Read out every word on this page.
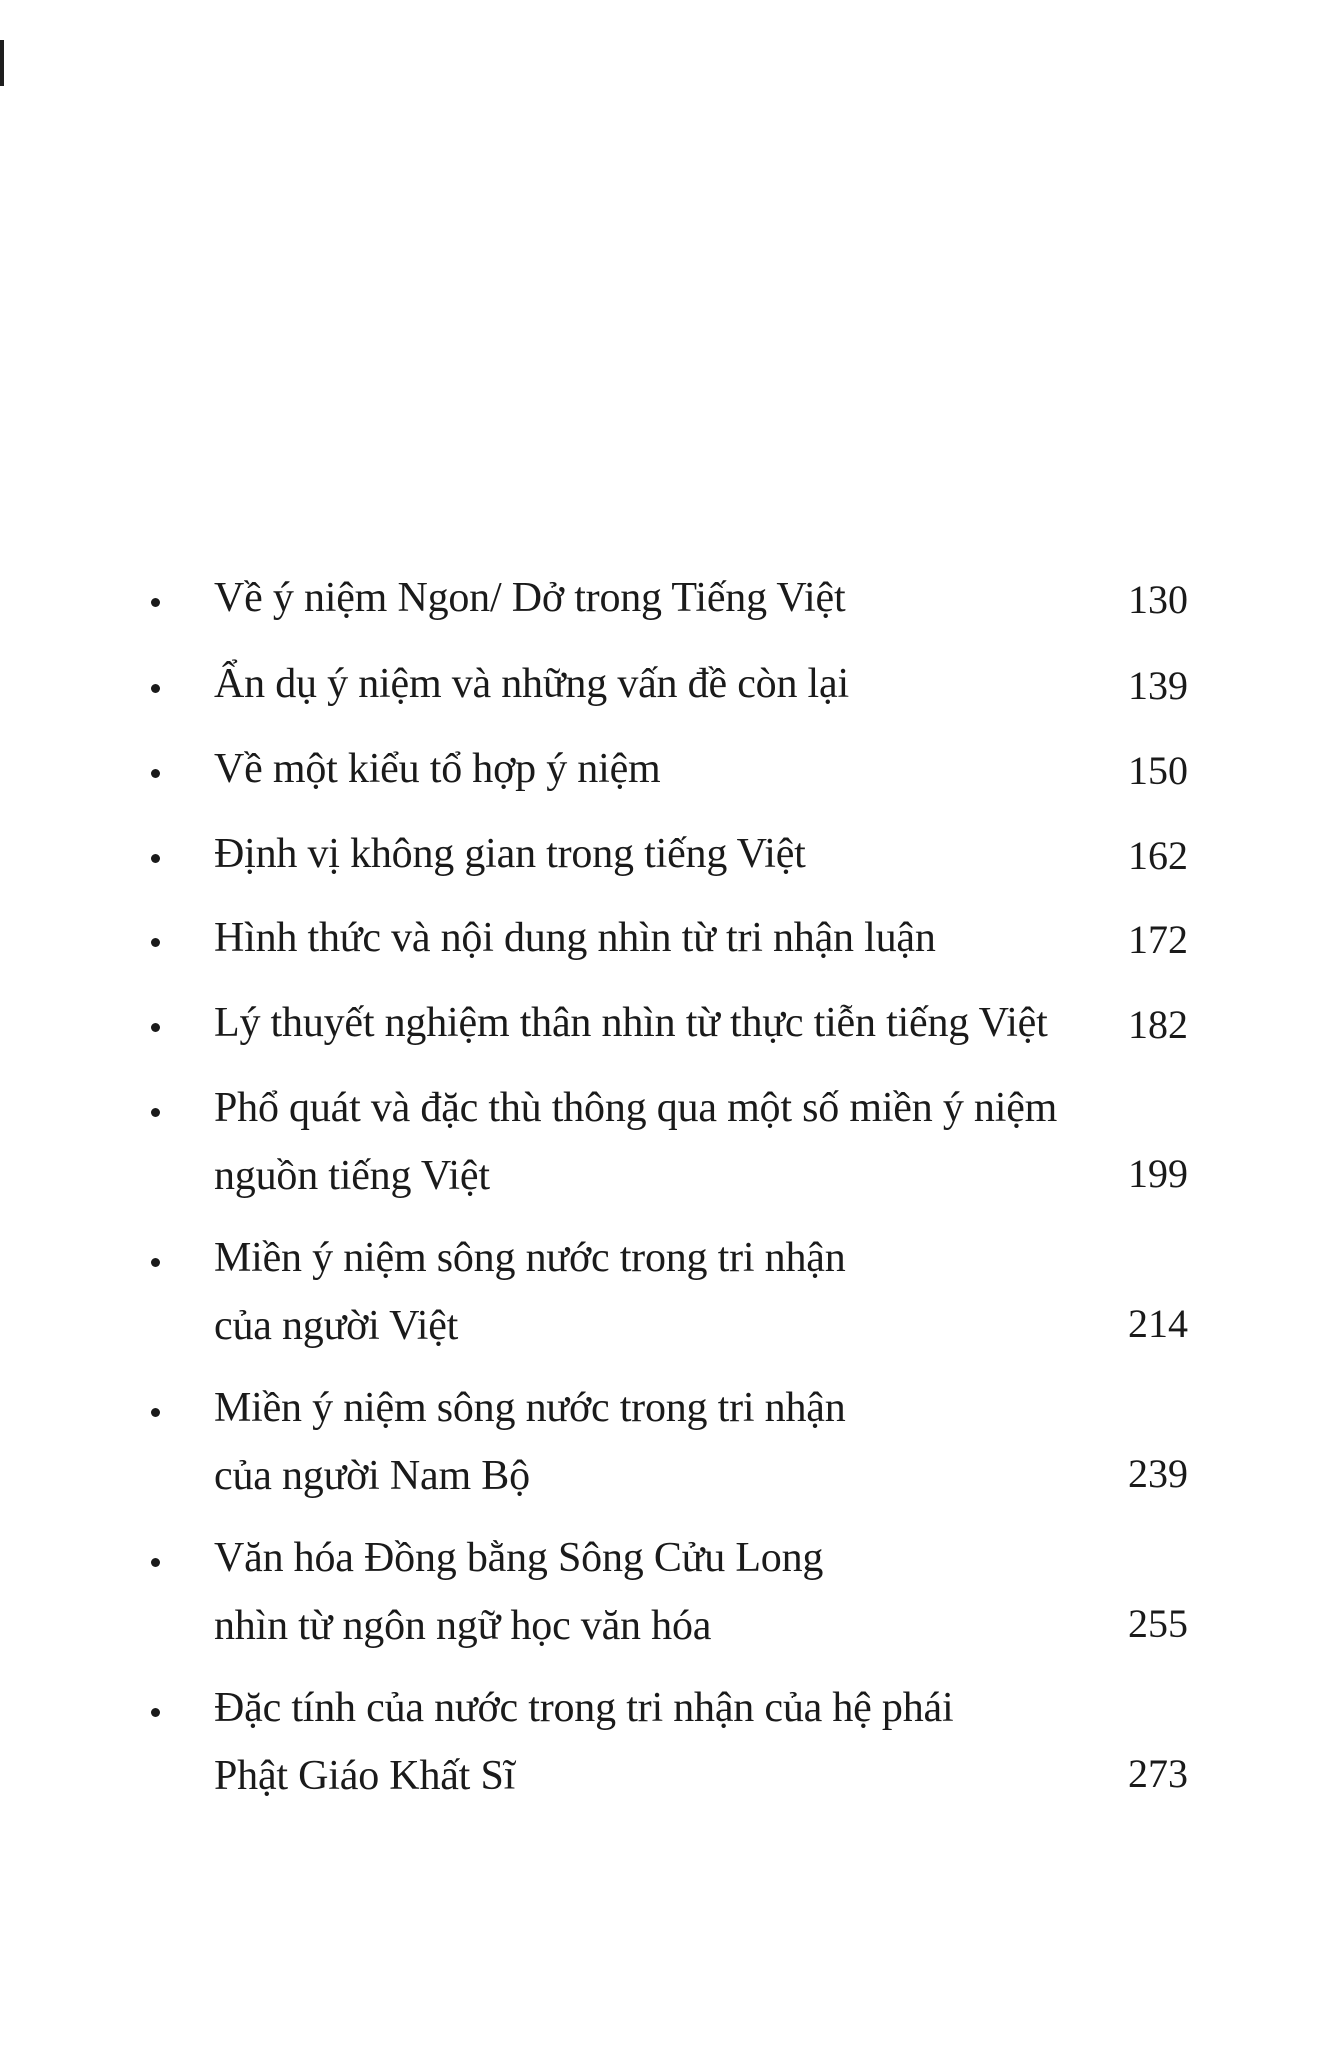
Về ý niệm Ngon/ Dở trong Tiếng Việt	130
Ẩn dụ ý niệm và những vấn đề còn lại	139
Về một kiểu tổ hợp ý niệm	150
Định vị không gian trong tiếng Việt	162
Hình thức và nội dung nhìn từ tri nhận luận	172
Lý thuyết nghiệm thân nhìn từ thực tiễn tiếng Việt 182
Phổ quát và đặc thù thông qua một số miền ý niệm
nguồn tiếng Việt	199
Miền ý niệm sông nước trong tri nhận
của người Việt	214
Miền ý niệm sông nước trong tri nhận
của người Nam Bộ	239
Văn hóa Đồng bằng Sông Cửu Long
nhìn từ ngôn ngữ học văn hóa	255
Đặc tính của nước trong tri nhận của hệ phái
Phật Giáo Khất Sĩ	273
